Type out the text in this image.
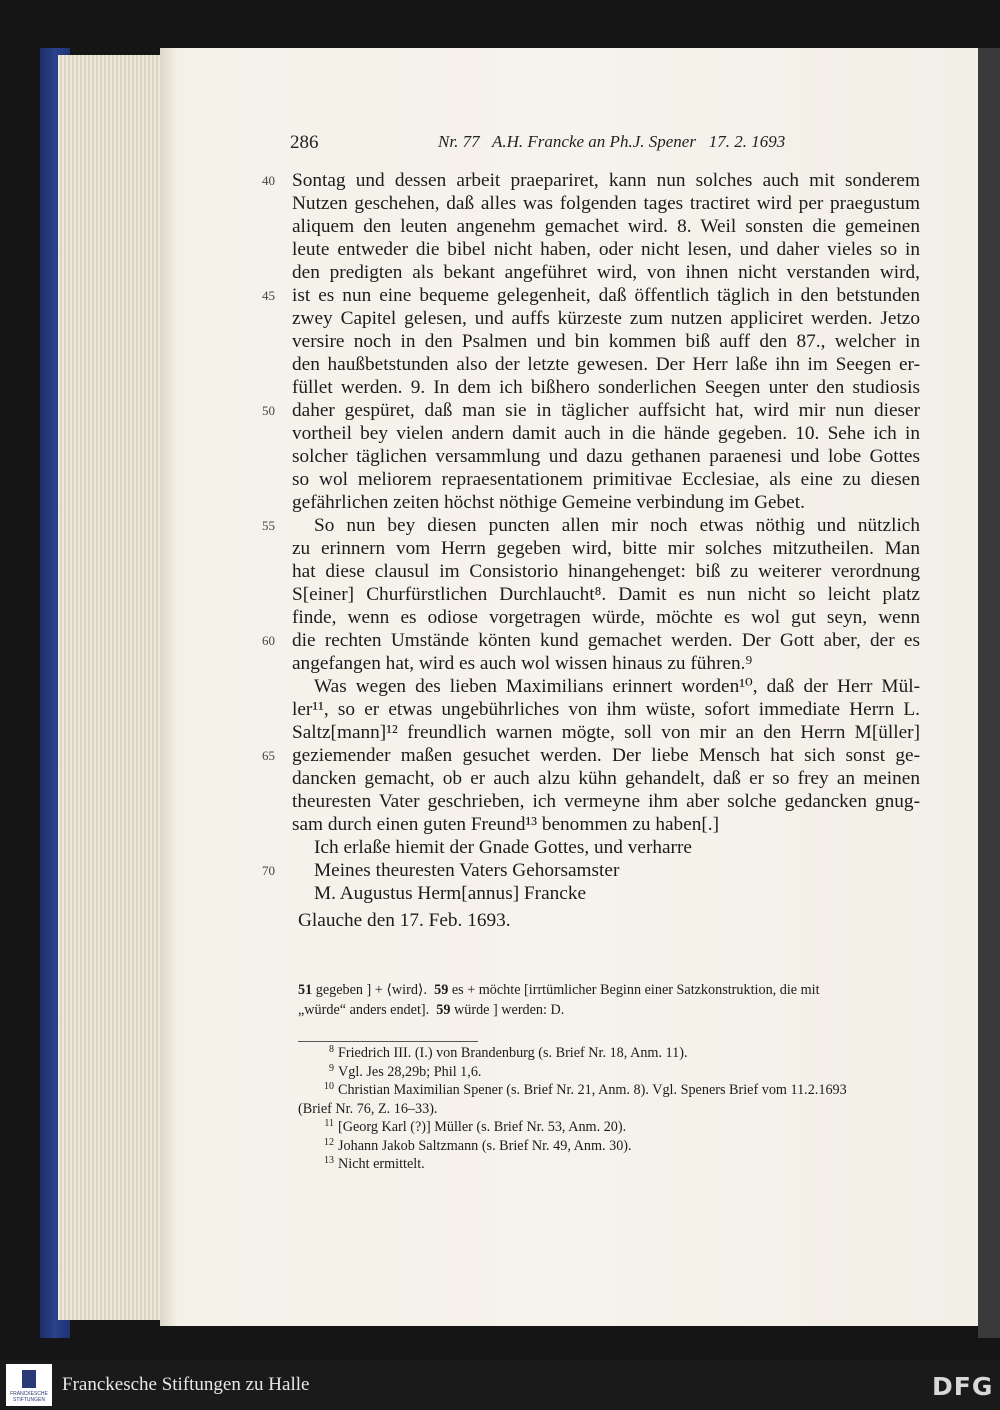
286	Nr. 77   A.H. Francke an Ph.J. Spener   17. 2. 1693
40 Sontag und dessen arbeit praepariret, kann nun solches auch mit sonderem
Nutzen geschehen, daß alles was folgenden tages tractiret wird per praegustum
aliquem den leuten angenehm gemachet wird. 8. Weil sonsten die gemeinen
leute entweder die bibel nicht haben, oder nicht lesen, und daher vieles so in
den predigten als bekant angeführet wird, von ihnen nicht verstanden wird,
45 ist es nun eine bequeme gelegenheit, daß öffentlich täglich in den betstunden
zwey Capitel gelesen, und auffs kürzeste zum nutzen appliciret werden. Jetzo
versire noch in den Psalmen und bin kommen biß auff den 87., welcher in
den haußbetstunden also der letzte gewesen. Der Herr laße ihn im Seegen er-
füllet werden. 9. In dem ich bißhero sonderlichen Seegen unter den studiosis
50 daher gespüret, daß man sie in täglicher auffsicht hat, wird mir nun dieser
vortheil bey vielen andern damit auch in die hände gegeben. 10. Sehe ich in
solcher täglichen versammlung und dazu gethanen paraenesi und lobe Gottes
so wol meliorem repraesentationem primitivae Ecclesiae, als eine zu diesen
gefährlichen zeiten höchst nöthige Gemeine verbindung im Gebet.
55	So nun bey diesen puncten allen mir noch etwas nöthig und nützlich
zu erinnern vom Herrn gegeben wird, bitte mir solches mitzutheilen. Man
hat diese clausul im Consistorio hinangehenget: biß zu weiterer verordnung
S[einer] Churfürstlichen Durchlaucht⁸. Damit es nun nicht so leicht platz
finde, wenn es odiose vorgetragen würde, möchte es wol gut seyn, wenn
60 die rechten Umstände könten kund gemachet werden. Der Gott aber, der es
angefangen hat, wird es auch wol wissen hinaus zu führen.⁹
Was wegen des lieben Maximilians erinnert worden¹⁰, daß der Herr Mül-
ler¹¹, so er etwas ungebührliches von ihm wüste, sofort immediate Herrn L.
Saltz[mann]¹² freundlich warnen mögte, soll von mir an den Herrn M[üller]
65 geziemender maßen gesuchet werden. Der liebe Mensch hat sich sonst ge-
dancken gemacht, ob er auch alzu kühn gehandelt, daß er so frey an meinen
theuresten Vater geschrieben, ich vermeyne ihm aber solche gedancken gnug-
sam durch einen guten Freund¹³ benommen zu haben[.]
Ich erlaße hiemit der Gnade Gottes, und verharre
70	Meines theuresten Vaters Gehorsamster
M. Augustus Herm[annus] Francke
Glauche den 17. Feb. 1693.
51 gegeben ] + ⟨wird⟩.  59 es + möchte [irrtümlicher Beginn einer Satzkonstruktion, die mit
„würde“ anders endet].  59 würde ] werden: D.
$^8$ Friedrich III. (I.) von Brandenburg (s. Brief Nr. 18, Anm. 11).
$^9$ Vgl. Jes 28,29b; Phil 1,6.
$^{10}$ Christian Maximilian Spener (s. Brief Nr. 21, Anm. 8). Vgl. Speners Brief vom 11.2.1693
(Brief Nr. 76, Z. 16–33).
$^{11}$ [Georg Karl (?)] Müller (s. Brief Nr. 53, Anm. 20).
$^{12}$ Johann Jakob Saltzmann (s. Brief Nr. 49, Anm. 30).
$^{13}$ Nicht ermittelt.
FRANCKESCHE STIFTUNGEN
Franckesche Stiftungen zu Halle	DFG
